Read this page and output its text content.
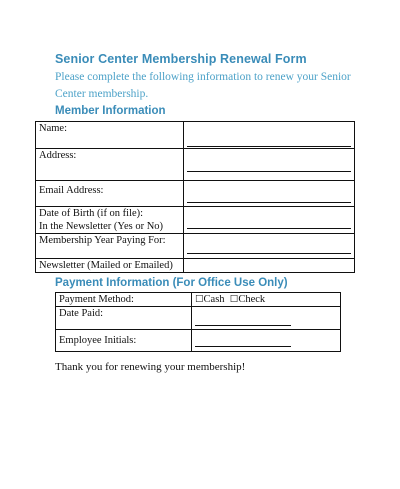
Senior Center Membership Renewal Form
Please complete the following information to renew your Senior Center membership.
Member Information
Name:	

Address:	

Email Address:	

Date of Birth (if on file):
In the Newsletter (Yes or No)	

Membership Year Paying For:	

Newsletter (Mailed or Emailed)	
Payment Information (For Office Use Only)
Payment Method:	☐Cash ☐Check
Date Paid:	

Employee Initials:	
Thank you for renewing your membership!
